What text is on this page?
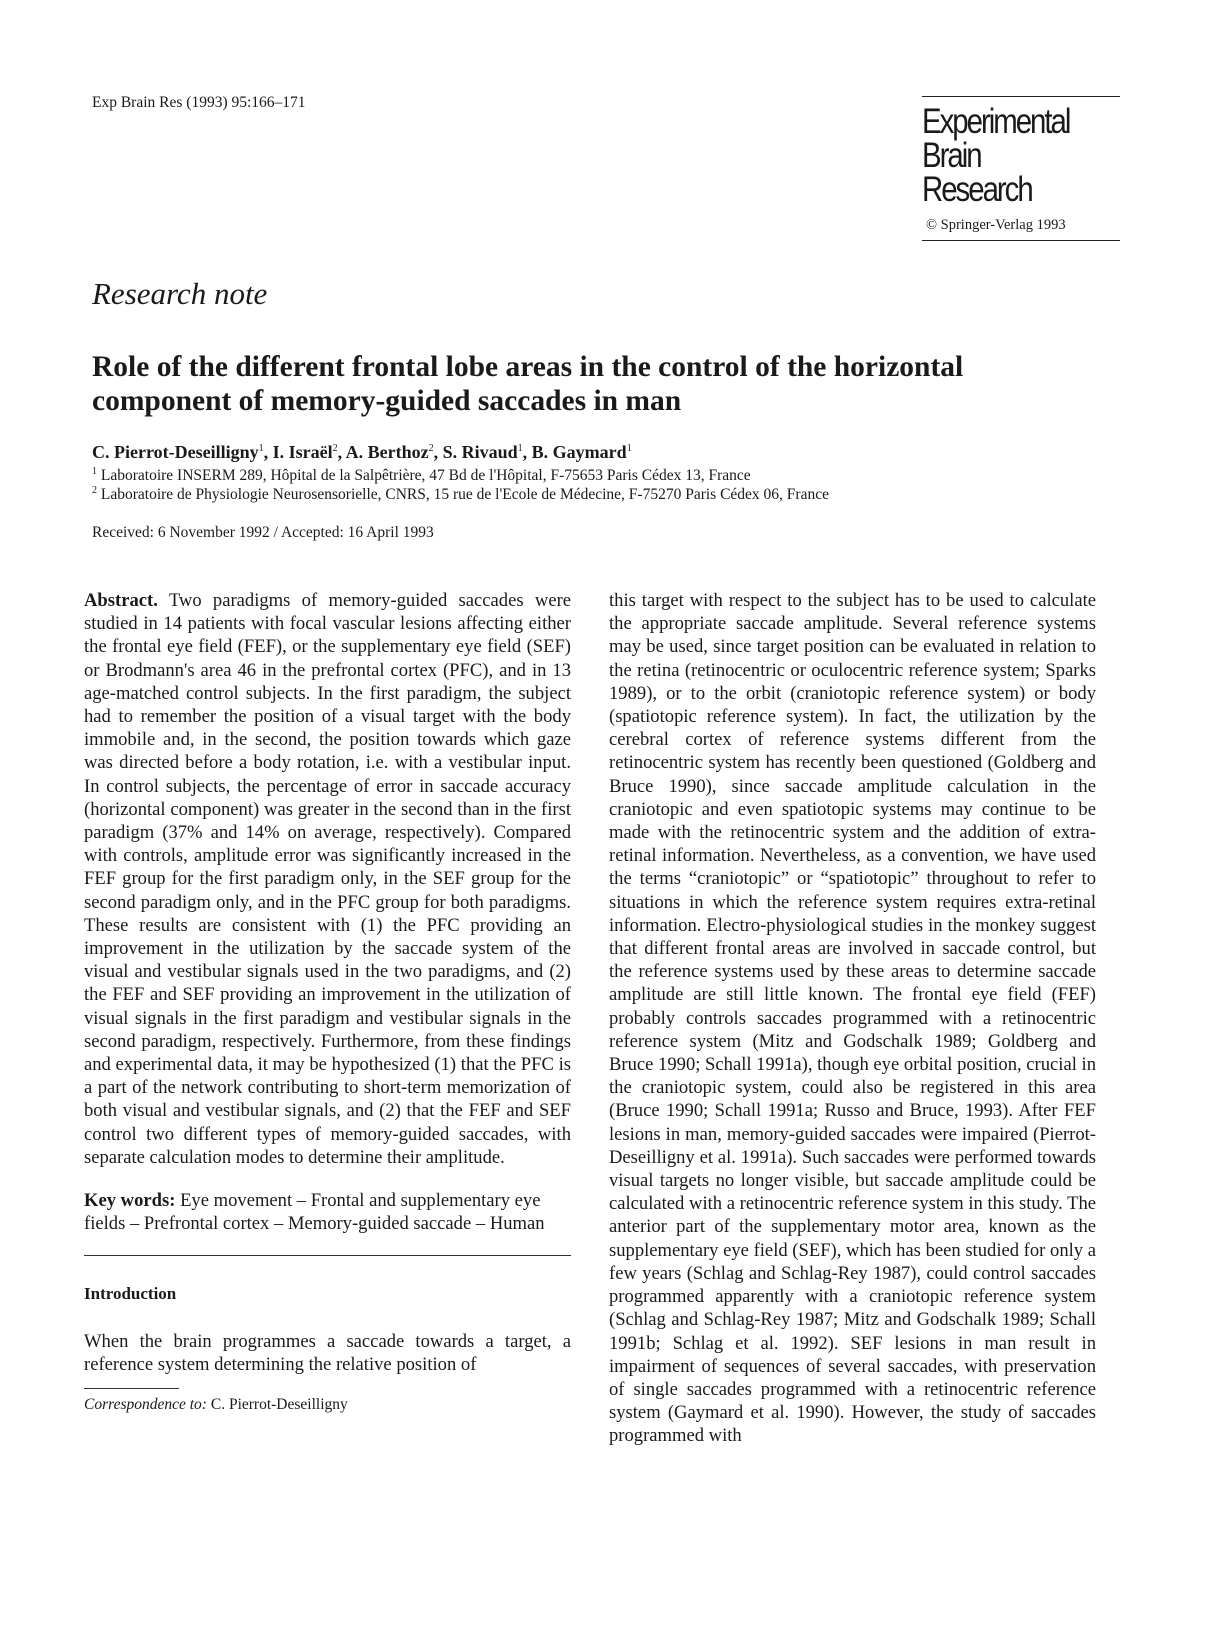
Exp Brain Res (1993) 95:166–171	Experimental
Brain Research
© Springer-Verlag 1993
Research note
Role of the different frontal lobe areas in the control of the horizontal component of memory-guided saccades in man
C. Pierrot-Deseilligny$^1$, I. Israël$^2$, A. Berthoz$^2$, S. Rivaud$^1$, B. Gaymard$^1$
$^1$ Laboratoire INSERM 289, Hôpital de la Salpêtrière, 47 Bd de l'Hôpital, F-75653 Paris Cédex 13, France
$^2$ Laboratoire de Physiologie Neurosensorielle, CNRS, 15 rue de l'Ecole de Médecine, F-75270 Paris Cédex 06, France
Received: 6 November 1992 / Accepted: 16 April 1993

Abstract. Two paradigms of memory-guided saccades were studied in 14 patients with focal vascular lesions affecting either the frontal eye field (FEF), or the supplementary eye field (SEF) or Brodmann's area 46 in the prefrontal cortex (PFC), and in 13 age-matched control subjects. In the first paradigm, the subject had to remember the position of a visual target with the body immobile and, in the second, the position towards which gaze was directed before a body rotation, i.e. with a vestibular input. In control subjects, the percentage of error in saccade accuracy (horizontal component) was greater in the second than in the first paradigm (37% and 14% on average, respectively). Compared with controls, amplitude error was significantly increased in the FEF group for the first paradigm only, in the SEF group for the second paradigm only, and in the PFC group for both paradigms. These results are consistent with (1) the PFC providing an improvement in the utilization by the saccade system of the visual and vestibular signals used in the two paradigms, and (2) the FEF and SEF providing an improvement in the utilization of visual signals in the first paradigm and vestibular signals in the second paradigm, respectively. Furthermore, from these findings and experimental data, it may be hypothesized (1) that the PFC is a part of the network contributing to short-term memorization of both visual and vestibular signals, and (2) that the FEF and SEF control two different types of memory-guided saccades, with separate calculation modes to determine their amplitude.

Key words: Eye movement – Frontal and supplementary eye fields – Prefrontal cortex – Memory-guided saccade – Human

Introduction

When the brain programmes a saccade towards a target, a reference system determining the relative position of

Correspondence to: C. Pierrot-Deseilligny

this target with respect to the subject has to be used to calculate the appropriate saccade amplitude. Several reference systems may be used, since target position can be evaluated in relation to the retina (retinocentric or oculocentric reference system; Sparks 1989), or to the orbit (craniotopic reference system) or body (spatiotopic reference system). In fact, the utilization by the cerebral cortex of reference systems different from the retinocentric system has recently been questioned (Goldberg and Bruce 1990), since saccade amplitude calculation in the craniotopic and even spatiotopic systems may continue to be made with the retinocentric system and the addition of extra-retinal information. Nevertheless, as a convention, we have used the terms “craniotopic” or “spatiotopic” throughout to refer to situations in which the reference system requires extra-retinal information. Electro-physiological studies in the monkey suggest that different frontal areas are involved in saccade control, but the reference systems used by these areas to determine saccade amplitude are still little known. The frontal eye field (FEF) probably controls saccades programmed with a retinocentric reference system (Mitz and Godschalk 1989; Goldberg and Bruce 1990; Schall 1991a), though eye orbital position, crucial in the craniotopic system, could also be registered in this area (Bruce 1990; Schall 1991a; Russo and Bruce, 1993). After FEF lesions in man, memory-guided saccades were impaired (Pierrot-Deseilligny et al. 1991a). Such saccades were performed towards visual targets no longer visible, but saccade amplitude could be calculated with a retinocentric reference system in this study. The anterior part of the supplementary motor area, known as the supplementary eye field (SEF), which has been studied for only a few years (Schlag and Schlag-Rey 1987), could control saccades programmed apparently with a craniotopic reference system (Schlag and Schlag-Rey 1987; Mitz and Godschalk 1989; Schall 1991b; Schlag et al. 1992). SEF lesions in man result in impairment of sequences of several saccades, with preservation of single saccades programmed with a retinocentric reference system (Gaymard et al. 1990). However, the study of saccades programmed with
